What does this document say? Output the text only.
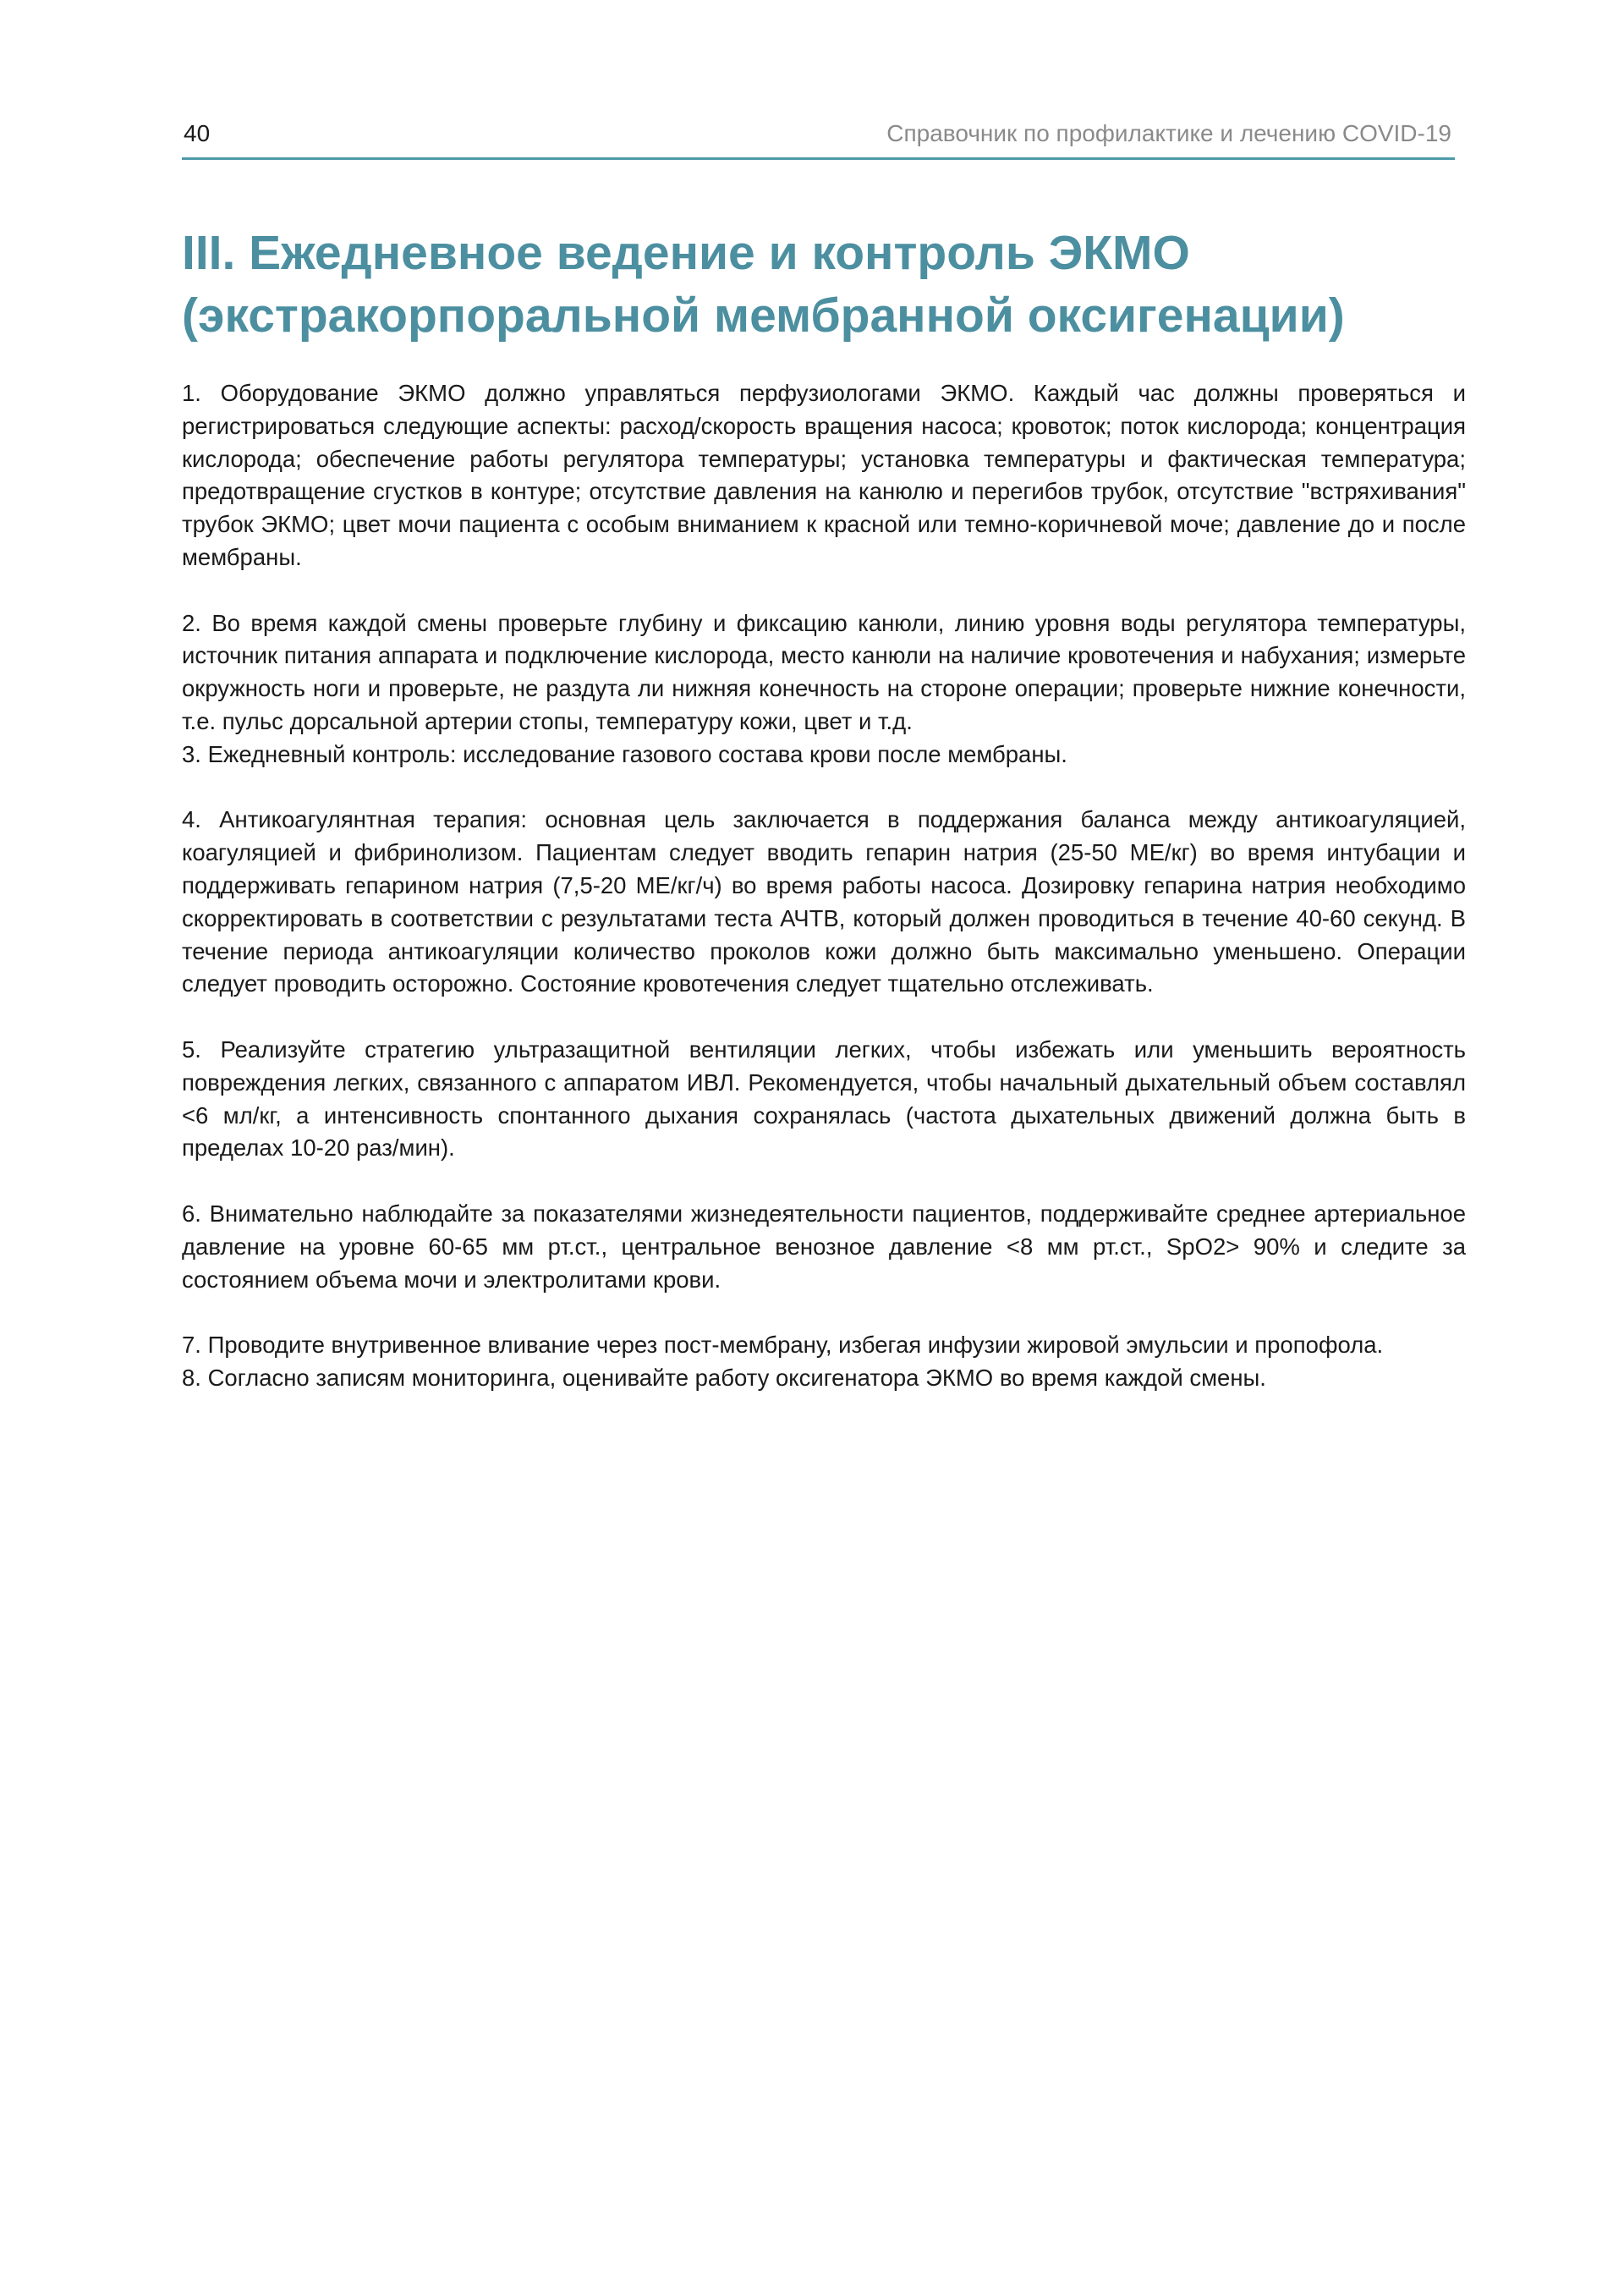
40	Справочник по профилактике и лечению COVID-19
III. Ежедневное ведение и контроль ЭКМО
(экстракорпоральной мембранной оксигенации)

1. Оборудование ЭКМО должно управляться перфузиологами ЭКМО. Каждый час должны проверяться и регистрироваться следующие аспекты: расход/скорость вращения насоса; кровоток; поток кислорода; концентрация кислорода; обеспечение работы регулятора температуры; установка температуры и фактическая температура; предотвращение сгустков в контуре; отсутствие давления на канюлю и перегибов трубок, отсутствие "встряхивания" трубок ЭКМО; цвет мочи пациента с особым вниманием к красной или темно-коричневой моче; давление до и после мембраны.

2. Во время каждой смены проверьте глубину и фиксацию канюли, линию уровня воды регулятора температуры, источник питания аппарата и подключение кислорода, место канюли на наличие кровотечения и набухания; измерьте окружность ноги и проверьте, не раздута ли нижняя конечность на стороне операции; проверьте нижние конечности, т.е. пульс дорсальной артерии стопы, температуру кожи, цвет и т.д.

3. Ежедневный контроль: исследование газового состава крови после мембраны.

4. Антикоагулянтная терапия: основная цель заключается в поддержания баланса между антикоагуляцией, коагуляцией и фибринолизом. Пациентам следует вводить гепарин натрия (25-50 МЕ/кг) во время интубации и поддерживать гепарином натрия (7,5-20 МЕ/кг/ч) во время работы насоса. Дозировку гепарина натрия необходимо скорректировать в соответствии с результатами теста АЧТВ, который должен проводиться в течение 40-60 секунд. В течение периода антикоагуляции количество проколов кожи должно быть максимально уменьшено. Операции следует проводить осторожно. Состояние кровотечения следует тщательно отслеживать.

5. Реализуйте стратегию ультразащитной вентиляции легких, чтобы избежать или уменьшить вероятность повреждения легких, связанного с аппаратом ИВЛ. Рекомендуется, чтобы начальный дыхательный объем составлял <6 мл/кг, а интенсивность спонтанного дыхания сохранялась (частота дыхательных движений должна быть в пределах 10-20 раз/мин).

6. Внимательно наблюдайте за показателями жизнедеятельности пациентов, поддерживайте среднее артериальное давление на уровне 60-65 мм рт.ст., центральное венозное давление <8 мм рт.ст., SpO2> 90% и следите за состоянием объема мочи и электролитами крови.

7. Проводите внутривенное вливание через пост-мембрану, избегая инфузии жировой эмульсии и пропофола.

8. Согласно записям мониторинга, оценивайте работу оксигенатора ЭКМО во время каждой смены.
